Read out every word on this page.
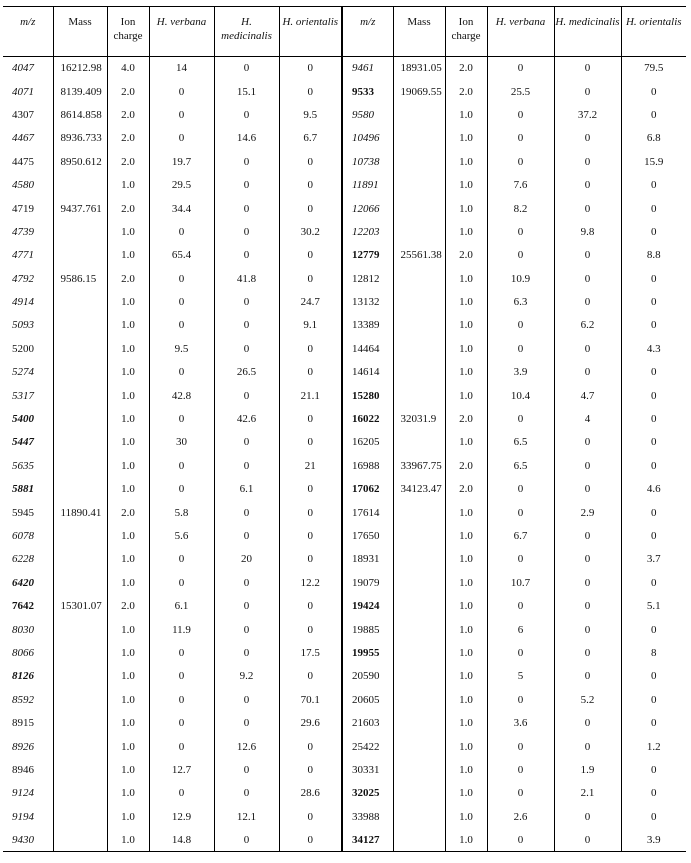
m/z	Mass	Ion charge	H. verbana	H. medicinalis	H. orientalis	m/z	Mass	Ion charge	H. verbana	H. medicinalis	H. orientalis
4047	16212.98	4.0	14	0	0	9461	18931.05	2.0	0	0	79.5
4071	8139.409	2.0	0	15.1	0	9533	19069.55	2.0	25.5	0	0
4307	8614.858	2.0	0	0	9.5	9580		1.0	0	37.2	0
4467	8936.733	2.0	0	14.6	6.7	10496		1.0	0	0	6.8
4475	8950.612	2.0	19.7	0	0	10738		1.0	0	0	15.9
4580		1.0	29.5	0	0	11891		1.0	7.6	0	0
4719	9437.761	2.0	34.4	0	0	12066		1.0	8.2	0	0
4739		1.0	0	0	30.2	12203		1.0	0	9.8	0
4771		1.0	65.4	0	0	12779	25561.38	2.0	0	0	8.8
4792	9586.15	2.0	0	41.8	0	12812		1.0	10.9	0	0
4914		1.0	0	0	24.7	13132		1.0	6.3	0	0
5093		1.0	0	0	9.1	13389		1.0	0	6.2	0
5200		1.0	9.5	0	0	14464		1.0	0	0	4.3
5274		1.0	0	26.5	0	14614		1.0	3.9	0	0
5317		1.0	42.8	0	21.1	15280		1.0	10.4	4.7	0
5400		1.0	0	42.6	0	16022	32031.9	2.0	0	4	0
5447		1.0	30	0	0	16205		1.0	6.5	0	0
5635		1.0	0	0	21	16988	33967.75	2.0	6.5	0	0
5881		1.0	0	6.1	0	17062	34123.47	2.0	0	0	4.6
5945	11890.41	2.0	5.8	0	0	17614		1.0	0	2.9	0
6078		1.0	5.6	0	0	17650		1.0	6.7	0	0
6228		1.0	0	20	0	18931		1.0	0	0	3.7
6420		1.0	0	0	12.2	19079		1.0	10.7	0	0
7642	15301.07	2.0	6.1	0	0	19424		1.0	0	0	5.1
8030		1.0	11.9	0	0	19885		1.0	6	0	0
8066		1.0	0	0	17.5	19955		1.0	0	0	8
8126		1.0	0	9.2	0	20590		1.0	5	0	0
8592		1.0	0	0	70.1	20605		1.0	0	5.2	0
8915		1.0	0	0	29.6	21603		1.0	3.6	0	0
8926		1.0	0	12.6	0	25422		1.0	0	0	1.2
8946		1.0	12.7	0	0	30331		1.0	0	1.9	0
9124		1.0	0	0	28.6	32025		1.0	0	2.1	0
9194		1.0	12.9	12.1	0	33988		1.0	2.6	0	0
9430		1.0	14.8	0	0	34127		1.0	0	0	3.9
